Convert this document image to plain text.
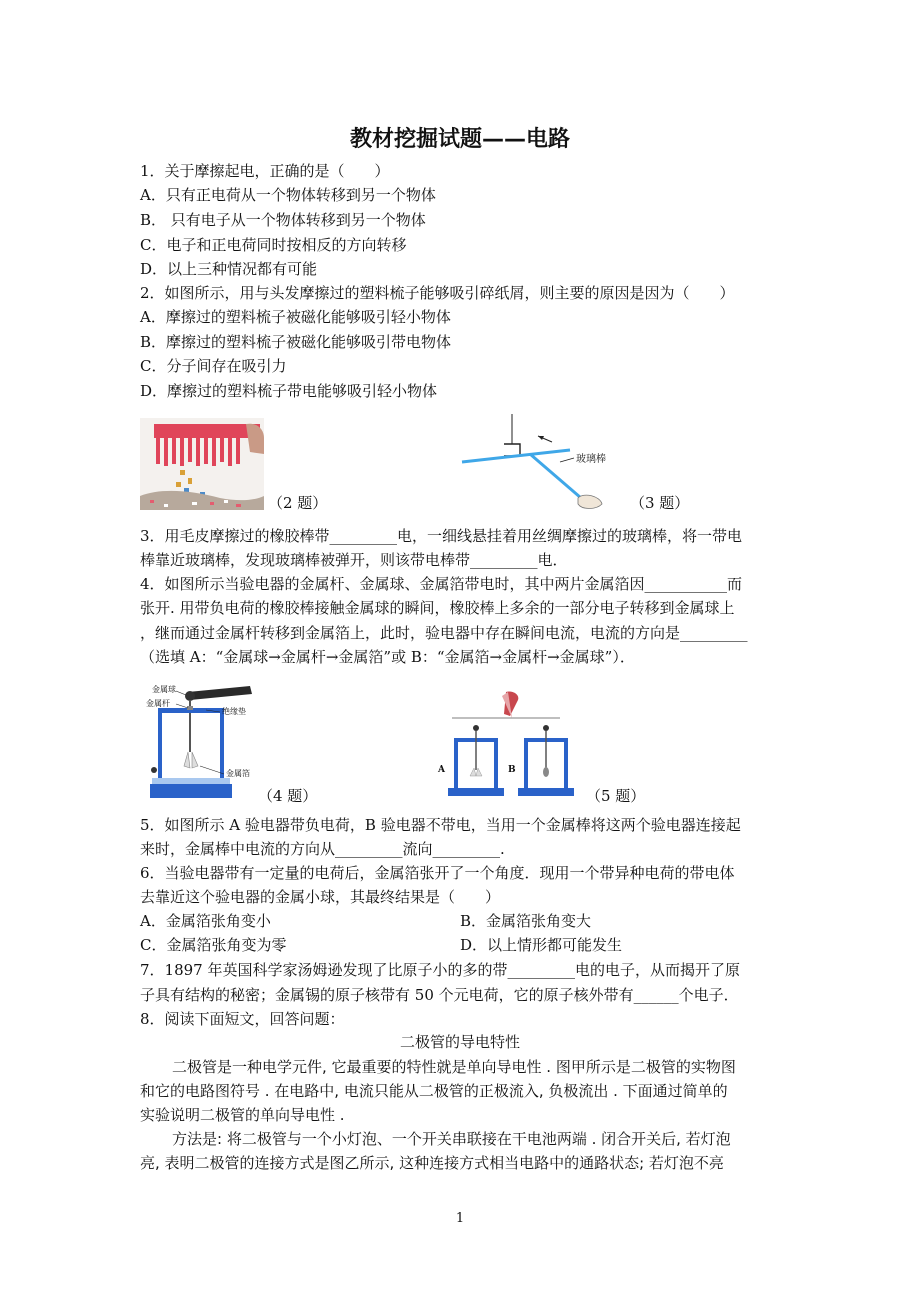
教材挖掘试题——电路
1．关于摩擦起电，正确的是（　　）
A．只有正电荷从一个物体转移到另一个物体
B． 只有电子从一个物体转移到另一个物体
C．电子和正电荷同时按相反的方向转移
D．以上三种情况都有可能
2．如图所示，用与头发摩擦过的塑料梳子能够吸引碎纸屑，则主要的原因是因为（　　）
A．摩擦过的塑料梳子被磁化能够吸引轻小物体
B．摩擦过的塑料梳子被磁化能够吸引带电物体
C．分子间存在吸引力
D．摩擦过的塑料梳子带电能够吸引轻小物体
（2 题）
玻璃棒
（3 题）
3．用毛皮摩擦过的橡胶棒带_________电，一细线悬挂着用丝绸摩擦过的玻璃棒，将一带电
棒靠近玻璃棒，发现玻璃棒被弹开，则该带电棒带_________电．
4．如图所示当验电器的金属杆、金属球、金属箔带电时，其中两片金属箔因___________而
张开. 用带负电荷的橡胶棒接触金属球的瞬间，橡胶棒上多余的一部分电子转移到金属球上
，继而通过金属杆转移到金属箔上，此时，验电器中存在瞬间电流，电流的方向是_________
（选填 A：“金属球→金属杆→金属箔”或 B：“金属箔→金属杆→金属球”）．
金属球
金属杆
绝缘垫
金属箔
（4 题）
A	B
（5 题）
5．如图所示 A 验电器带负电荷，B 验电器不带电，当用一个金属棒将这两个验电器连接起
来时，金属棒中电流的方向从_________流向_________.
6．当验电器带有一定量的电荷后，金属箔张开了一个角度．现用一个带异种电荷的带电体
去靠近这个验电器的金属小球，其最终结果是（　　）
A．金属箔张角变小	B．金属箔张角变大
C．金属箔张角变为零	D．以上情形都可能发生
7．1897 年英国科学家汤姆逊发现了比原子小的多的带_________电的电子，从而揭开了原
子具有结构的秘密；金属锡的原子核带有 50 个元电荷，它的原子核外带有______个电子．
8．阅读下面短文，回答问题：
二极管的导电特性
二极管是一种电学元件, 它最重要的特性就是单向导电性 . 图甲所示是二极管的实物图
和它的电路图符号 . 在电路中, 电流只能从二极管的正极流入, 负极流出 . 下面通过简单的
实验说明二极管的单向导电性 .
方法是: 将二极管与一个小灯泡、一个开关串联接在干电池两端 . 闭合开关后, 若灯泡
亮, 表明二极管的连接方式是图乙所示, 这种连接方式相当电路中的通路状态; 若灯泡不亮
1
